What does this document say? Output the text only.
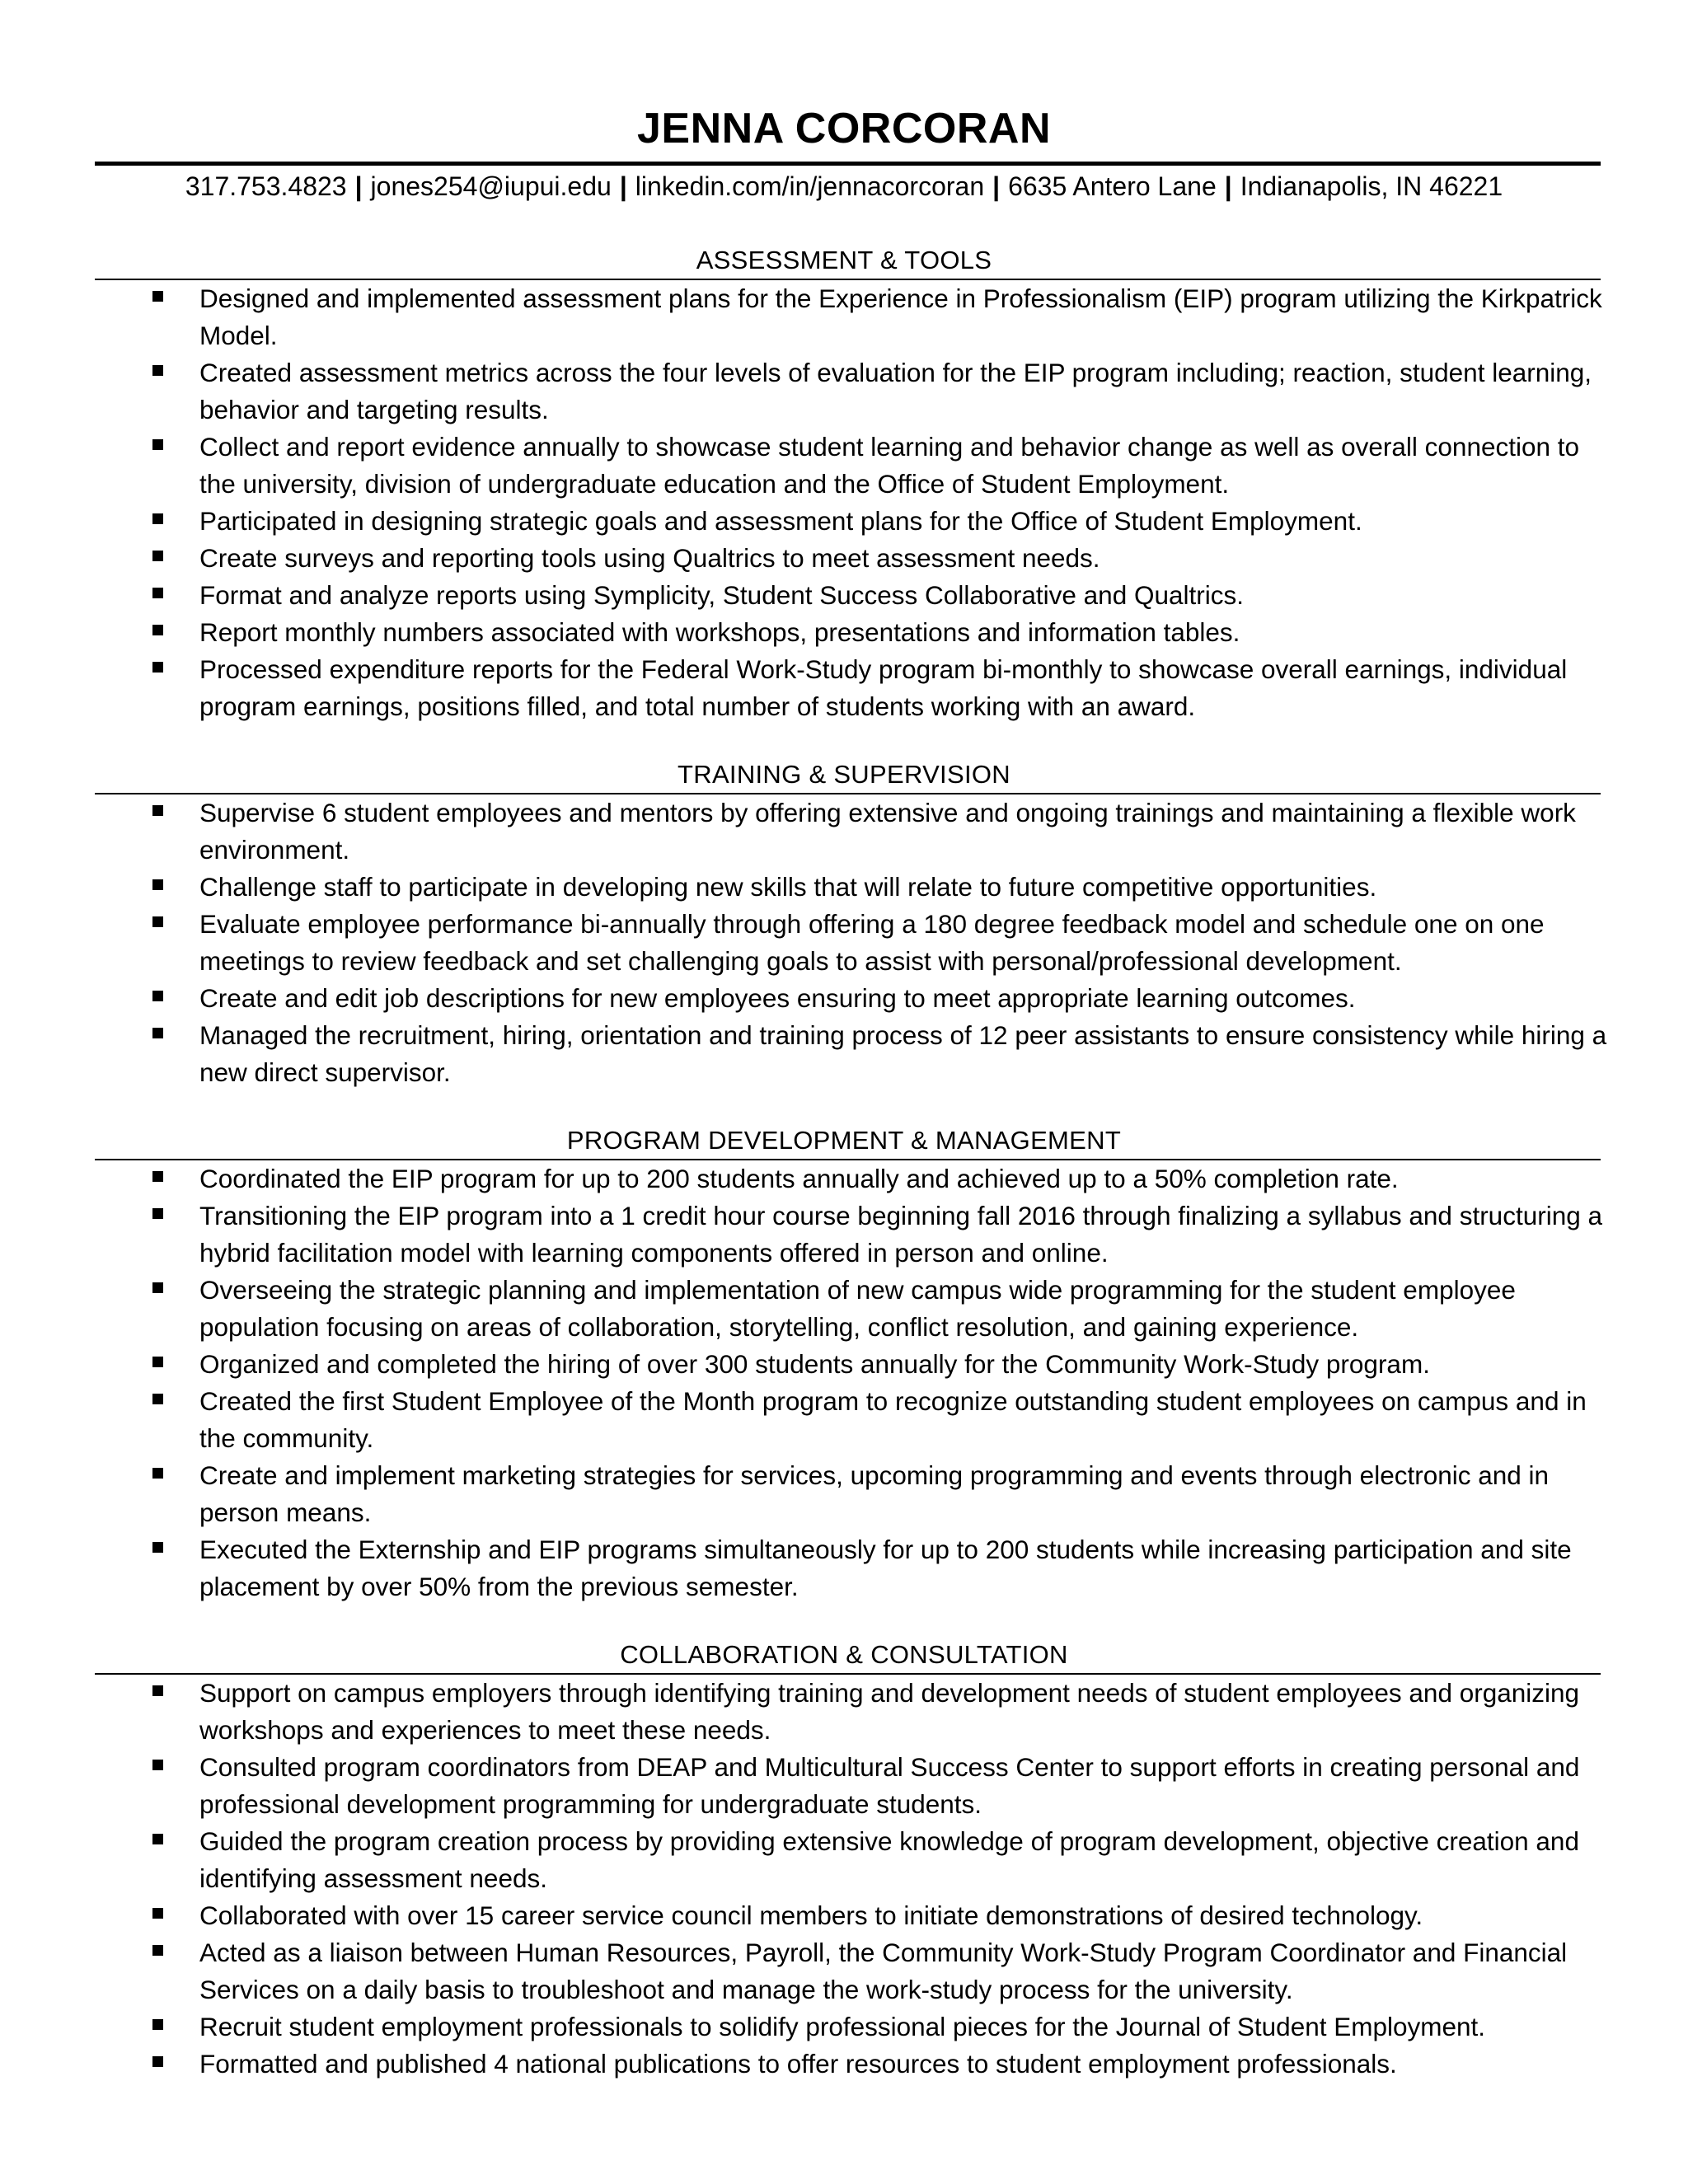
JENNA CORCORAN
317.753.4823 | jones254@iupui.edu | linkedin.com/in/jennacorcoran | 6635 Antero Lane | Indianapolis, IN 46221
ASSESSMENT & TOOLS
Designed and implemented assessment plans for the Experience in Professionalism (EIP) program utilizing the Kirkpatrick Model.
Created assessment metrics across the four levels of evaluation for the EIP program including; reaction, student learning, behavior and targeting results.
Collect and report evidence annually to showcase student learning and behavior change as well as overall connection to the university, division of undergraduate education and the Office of Student Employment.
Participated in designing strategic goals and assessment plans for the Office of Student Employment.
Create surveys and reporting tools using Qualtrics to meet assessment needs.
Format and analyze reports using Symplicity, Student Success Collaborative and Qualtrics.
Report monthly numbers associated with workshops, presentations and information tables.
Processed expenditure reports for the Federal Work-Study program bi-monthly to showcase overall earnings, individual program earnings, positions filled, and total number of students working with an award.
TRAINING & SUPERVISION
Supervise 6 student employees and mentors by offering extensive and ongoing trainings and maintaining a flexible work environment.
Challenge staff to participate in developing new skills that will relate to future competitive opportunities.
Evaluate employee performance bi-annually through offering a 180 degree feedback model and schedule one on one meetings to review feedback and set challenging goals to assist with personal/professional development.
Create and edit job descriptions for new employees ensuring to meet appropriate learning outcomes.
Managed the recruitment, hiring, orientation and training process of 12 peer assistants to ensure consistency while hiring a new direct supervisor.
PROGRAM DEVELOPMENT & MANAGEMENT
Coordinated the EIP program for up to 200 students annually and achieved up to a 50% completion rate.
Transitioning the EIP program into a 1 credit hour course beginning fall 2016 through finalizing a syllabus and structuring a hybrid facilitation model with learning components offered in person and online.
Overseeing the strategic planning and implementation of new campus wide programming for the student employee population focusing on areas of collaboration, storytelling, conflict resolution, and gaining experience.
Organized and completed the hiring of over 300 students annually for the Community Work-Study program.
Created the first Student Employee of the Month program to recognize outstanding student employees on campus and in the community.
Create and implement marketing strategies for services, upcoming programming and events through electronic and in person means.
Executed the Externship and EIP programs simultaneously for up to 200 students while increasing participation and site placement by over 50% from the previous semester.
COLLABORATION & CONSULTATION
Support on campus employers through identifying training and development needs of student employees and organizing workshops and experiences to meet these needs.
Consulted program coordinators from DEAP and Multicultural Success Center to support efforts in creating personal and professional development programming for undergraduate students.
Guided the program creation process by providing extensive knowledge of program development, objective creation and identifying assessment needs.
Collaborated with over 15 career service council members to initiate demonstrations of desired technology.
Acted as a liaison between Human Resources, Payroll, the Community Work-Study Program Coordinator and Financial Services on a daily basis to troubleshoot and manage the work-study process for the university.
Recruit student employment professionals to solidify professional pieces for the Journal of Student Employment.
Formatted and published 4 national publications to offer resources to student employment professionals.
